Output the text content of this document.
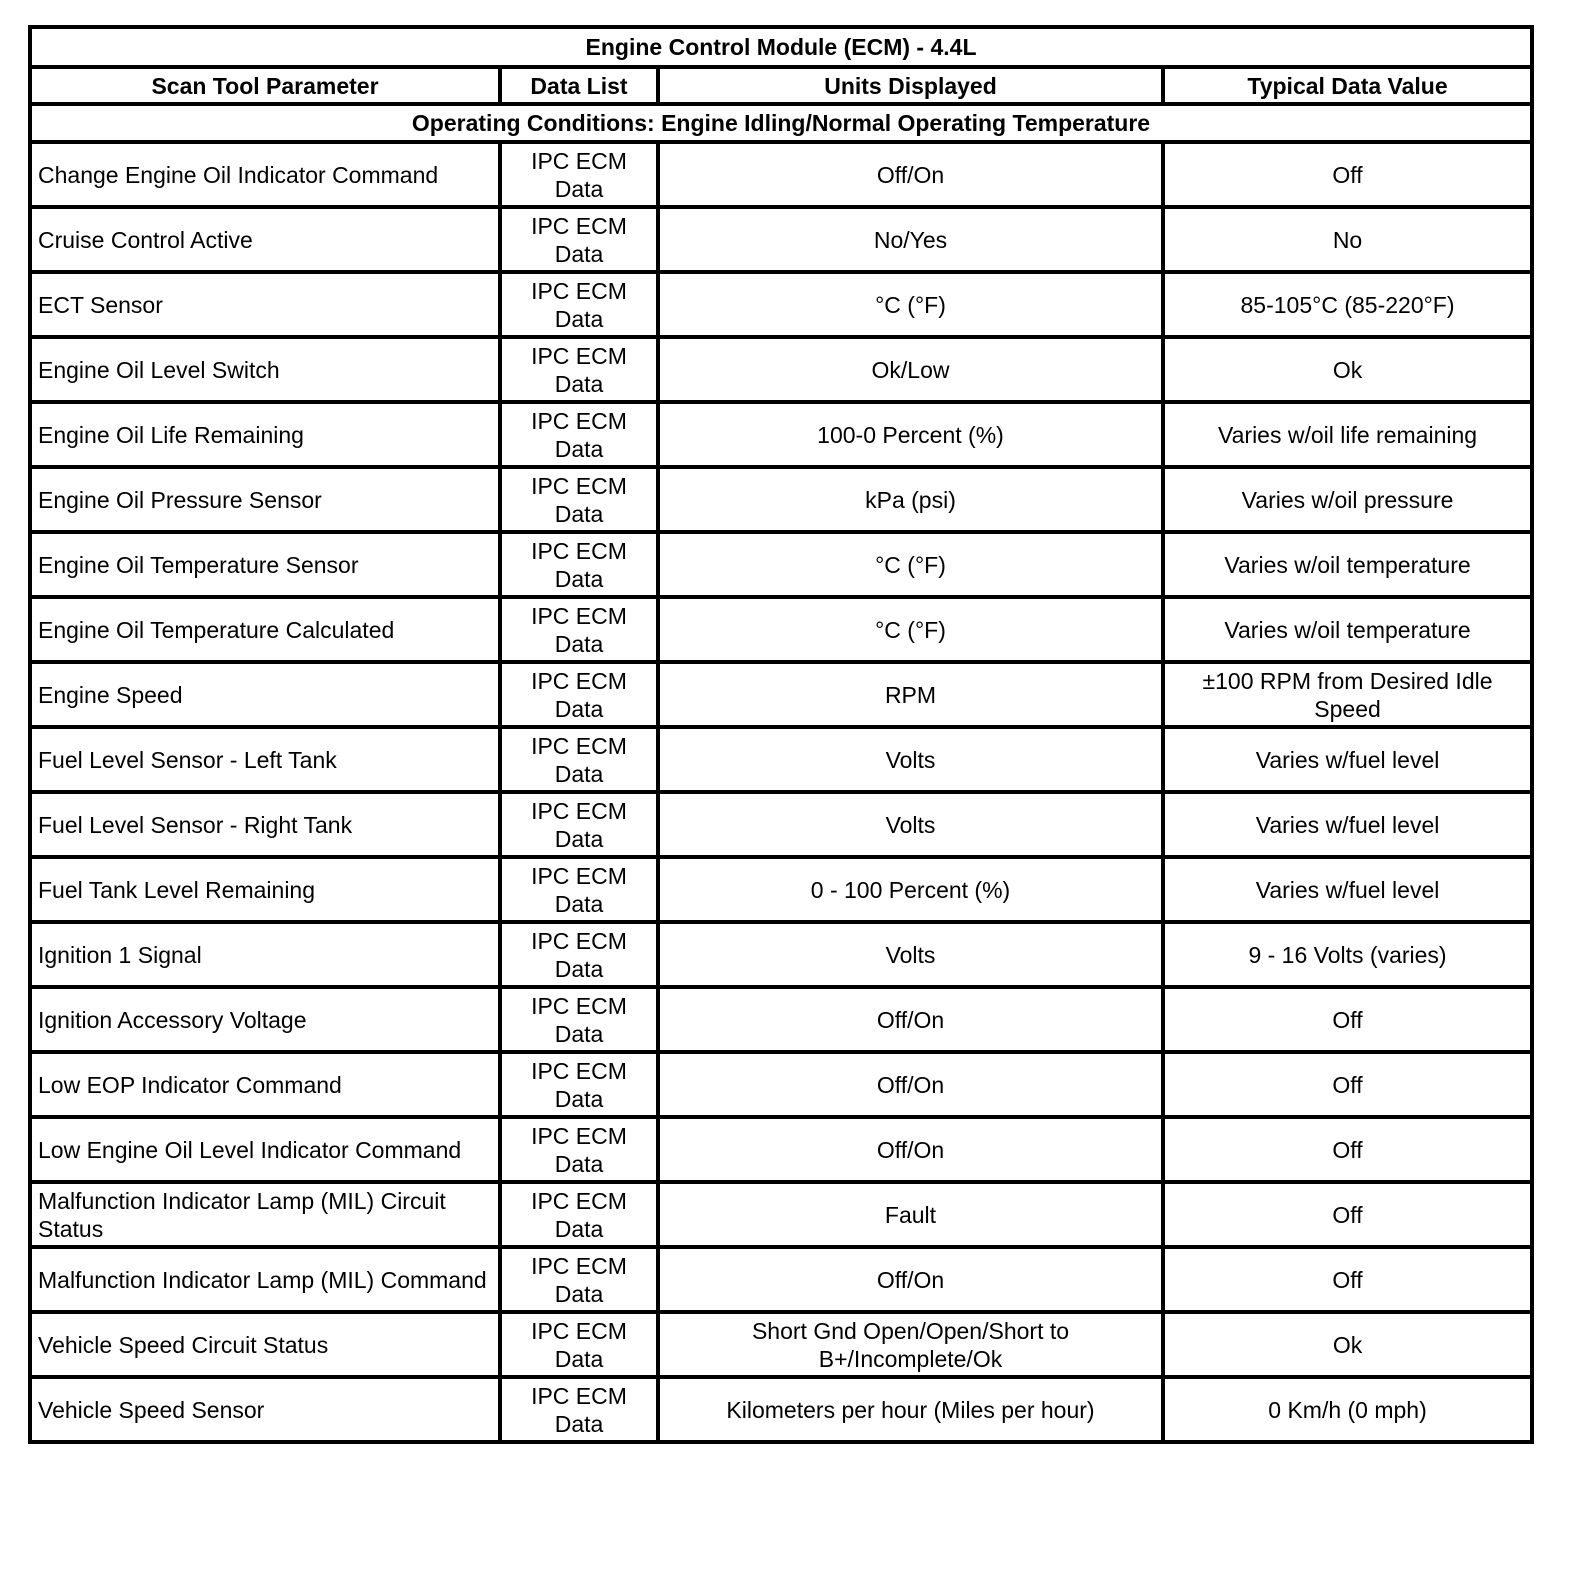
Engine Control Module (ECM) - 4.4L			
Scan Tool Parameter	Data List	Units Displayed	Typical Data Value
Operating Conditions: Engine Idling/Normal Operating Temperature			
Change Engine Oil Indicator Command	IPC ECM Data	Off/On	Off
Cruise Control Active	IPC ECM Data	No/Yes	No
ECT Sensor	IPC ECM Data	°C (°F)	85-105°C (85-220°F)
Engine Oil Level Switch	IPC ECM Data	Ok/Low	Ok
Engine Oil Life Remaining	IPC ECM Data	100-0 Percent (%)	Varies w/oil life remaining
Engine Oil Pressure Sensor	IPC ECM Data	kPa (psi)	Varies w/oil pressure
Engine Oil Temperature Sensor	IPC ECM Data	°C (°F)	Varies w/oil temperature
Engine Oil Temperature Calculated	IPC ECM Data	°C (°F)	Varies w/oil temperature
Engine Speed	IPC ECM Data	RPM	±100 RPM from Desired Idle Speed
Fuel Level Sensor - Left Tank	IPC ECM Data	Volts	Varies w/fuel level
Fuel Level Sensor - Right Tank	IPC ECM Data	Volts	Varies w/fuel level
Fuel Tank Level Remaining	IPC ECM Data	0 - 100 Percent (%)	Varies w/fuel level
Ignition 1 Signal	IPC ECM Data	Volts	9 - 16 Volts (varies)
Ignition Accessory Voltage	IPC ECM Data	Off/On	Off
Low EOP Indicator Command	IPC ECM Data	Off/On	Off
Low Engine Oil Level Indicator Command	IPC ECM Data	Off/On	Off
Malfunction Indicator Lamp (MIL) Circuit Status	IPC ECM Data	Fault	Off
Malfunction Indicator Lamp (MIL) Command	IPC ECM Data	Off/On	Off
Vehicle Speed Circuit Status	IPC ECM Data	Short Gnd Open/Open/Short to B+/Incomplete/Ok	Ok
Vehicle Speed Sensor	IPC ECM Data	Kilometers per hour (Miles per hour)	0 Km/h (0 mph)
